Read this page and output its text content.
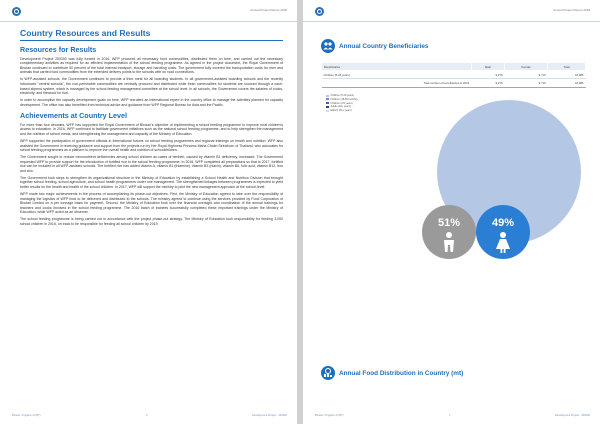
Annual Project Report 2018
Country Resources and Results
Resources for Results

Development Project 200300 was fully funded in 2016. WFP procured all necessary food commodities, distributed them on time, and carried out the necessary complementary activities as required for an efficient implementation of the school feeding programme. As agreed in the project document, the Royal Government of Bhutan continued to contribute 50 percent of the total internal transport, storage and handling costs. The government fully covered the transportation costs for men and animals that carried food commodities from the extended delivery points to the schools with no road connections.

In WFP-assisted schools, the Government continued to provide a third meal for all boarding students. In all government-assisted boarding schools and the recently introduced "central schools", the non-perishable commodities are centrally procured and distributed while fresh commodities for students are sourced through a cash-based stipend system, which is managed by the school feeding management committee at the school level. In all schools, the Government covers the salaries of cooks, electricity, and firewood for fuel.

In order to accomplish the capacity development goals on time, WFP recruited an international expert in the country office to manage the activities planned for capacity development. The office has also benefited from technical advice and guidance from WFP Regional Bureau for Asia and the Pacific.

Achievements at Country Level

For more than four decades, WFP has supported the Royal Government of Bhutan's objective of implementing a school feeding programme to improve rural children's access to education. In 2016, WFP continued to facilitate government initiatives such as the national school feeding programme, and to help strengthen the management and the nutrition of school meals, and strengthening the management and capacity of the Ministry of Education.

WFP supported the participation of government officials in international forums on school feeding programmes and regional trainings on health and nutrition. WFP also assisted the Government in receiving guidance and support from the projects run by Her Royal Highness Princess Maha Chakri Sirindhorn of Thailand, who advocates for school feeding programmes as a platform to improve the overall health and nutrition of schoolchildren.

The Government sought to reduce micronutrient deficiencies among school children as cases of beriberi, caused by vitamin B1 deficiency, increased. The Government requested WFP to provide support for the introduction of fortified rice to the school feeding programme. In 2016, WFP completed all preparations so that in 2017, fortified rice can be included in all WFP-assisted schools. The fortified rice has added vitamin A, vitamin B1 (thiamine), vitamin B3 (niacin), vitamin B6, folic acid, vitamin B12, iron and zinc.

The Government took steps to strengthen its organizational structure in the Ministry of Education by establishing a School Health and Nutrition Division that brought together school feeding, school agriculture, and school health programmes under one management. The strengthened linkages between programmes is expected to yield better results for the health and health of the school children. In 2017, WFP will support the ministry to pilot the new management approach at the school-level.

WFP made two major achievements in the process of accomplishing its phase-out objectives. First, the Ministry of Education agreed to take over the responsibility of managing the logistics of WFP food to be delivered and distributed to the schools. The ministry agreed to continue using the services provided by Food Corporation of Bhutan Limited on a per tonnage basis for payment. Second, the Ministry of Education took over the financial oversight and coordination of the annual trainings for teachers and cooks involved in the school feeding programme. The 2016 batch of trainees successfully completed these important trainings under the Ministry of Education, while WFP acted as an observer.

The school feeding programme is being carried out in accordance with the project phase-out strategy. The Ministry of Education took responsibility for feeding 3,000 school children in 2016, on track to be responsible for feeding all school children by 2019.

Bhutan, Kingdom of (BT)	6	Development Project - 200300
Annual Project Report 2018
Annual Country Beneficiaries
Beneficiaries	Male	Female	Total
Children (5-18 years)	9,276	9,710	18,986
Total number of beneficiaries in 2016	9,276	9,710	18,986
Children (5-18 years)
Children (18-59 months)
Children (2-5 years)
Adults (18+ years)
Elderly (60+ years)
51%	49%
Annual Food Distribution in Country (mt)
Bhutan, Kingdom of (BT)	7	Development Project - 200300
